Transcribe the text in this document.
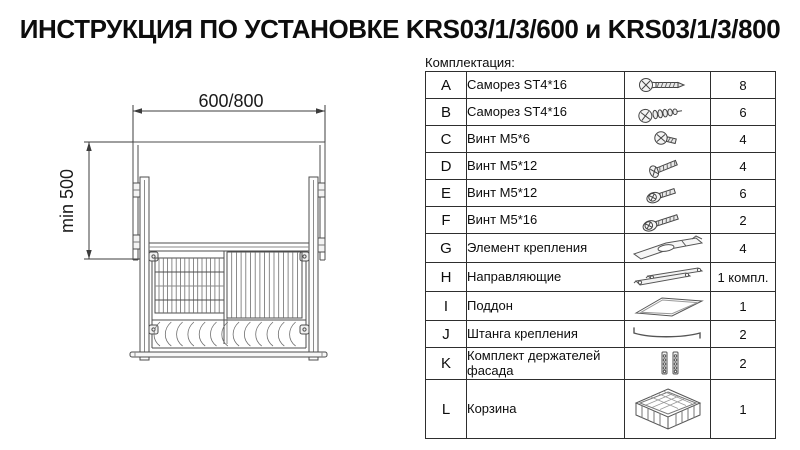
ИНСТРУКЦИЯ ПО УСТАНОВКЕ KRS03/1/3/600 и KRS03/1/3/800
600/800
min 500
Комплектация:
A	Саморез ST4*16		8
B	Саморез ST4*16		6
C	Винт M5*6		4
D	Винт M5*12		4
E	Винт M5*12		6
F	Винт M5*16		2
G	Элемент крепления		4
H	Направляющие		1 компл.
I	Поддон		1
J	Штанга крепления		2
K	Комплект держателей фасада		2
L	Корзина		1
